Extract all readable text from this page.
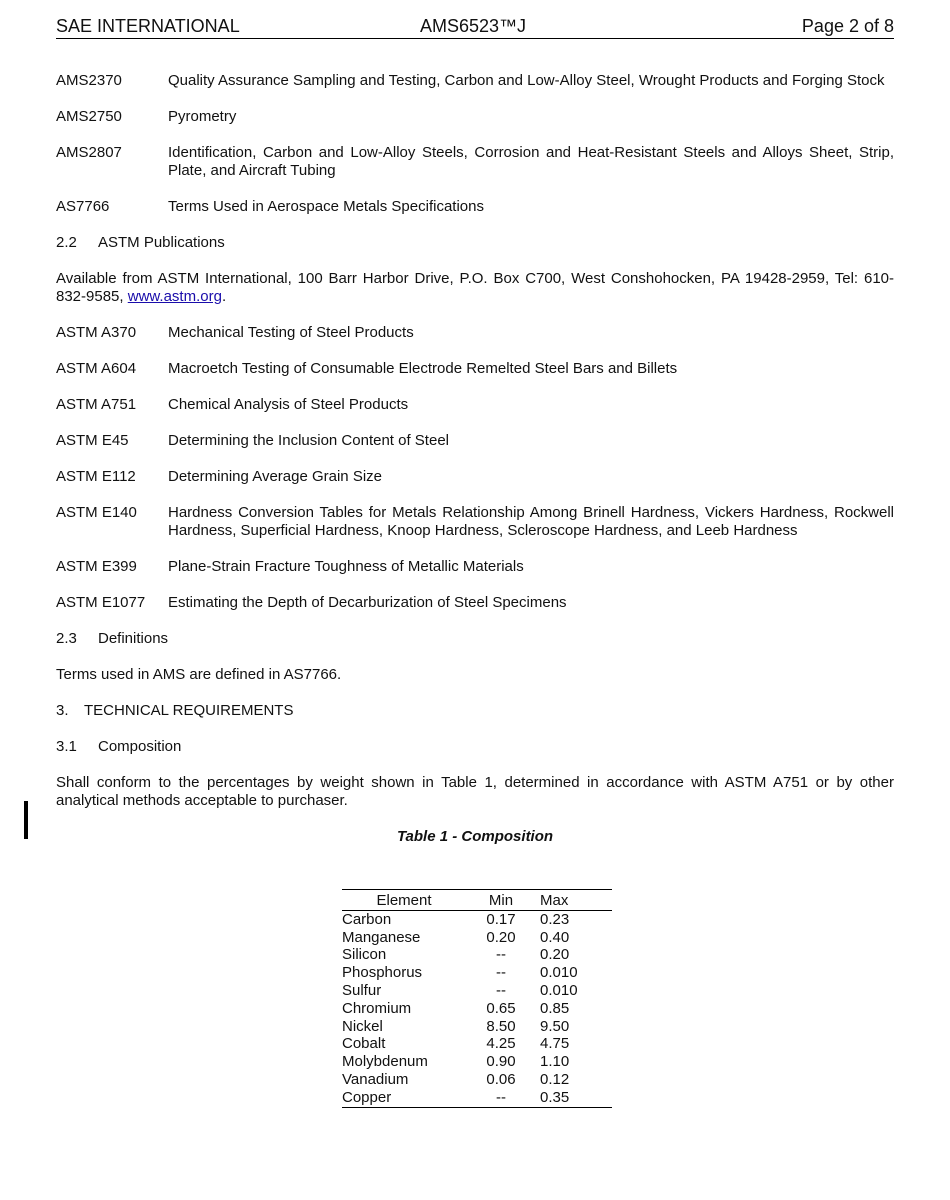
SAE INTERNATIONAL	AMS6523™J	Page 2 of 8
AMS2370	Quality Assurance Sampling and Testing, Carbon and Low-Alloy Steel, Wrought Products and Forging Stock
AMS2750	Pyrometry
AMS2807	Identification, Carbon and Low-Alloy Steels, Corrosion and Heat-Resistant Steels and Alloys Sheet, Strip, Plate, and Aircraft Tubing
AS7766	Terms Used in Aerospace Metals Specifications

2.2 ASTM Publications

Available from ASTM International, 100 Barr Harbor Drive, P.O. Box C700, West Conshohocken, PA 19428-2959, Tel: 610-832-9585, www.astm.org.

ASTM A370	Mechanical Testing of Steel Products
ASTM A604	Macroetch Testing of Consumable Electrode Remelted Steel Bars and Billets
ASTM A751	Chemical Analysis of Steel Products
ASTM E45	Determining the Inclusion Content of Steel
ASTM E112	Determining Average Grain Size
ASTM E140	Hardness Conversion Tables for Metals Relationship Among Brinell Hardness, Vickers Hardness, Rockwell Hardness, Superficial Hardness, Knoop Hardness, Scleroscope Hardness, and Leeb Hardness
ASTM E399	Plane-Strain Fracture Toughness of Metallic Materials
ASTM E1077	Estimating the Depth of Decarburization of Steel Specimens

2.3 Definitions

Terms used in AMS are defined in AS7766.

3. TECHNICAL REQUIREMENTS

3.1 Composition

Shall conform to the percentages by weight shown in Table 1, determined in accordance with ASTM A751 or by other analytical methods acceptable to purchaser.

Table 1 - Composition
Element	Min	Max
Carbon	0.17	0.23
Manganese	0.20	0.40
Silicon	--	0.20
Phosphorus	--	0.010
Sulfur	--	0.010
Chromium	0.65	0.85
Nickel	8.50	9.50
Cobalt	4.25	4.75
Molybdenum	0.90	1.10
Vanadium	0.06	0.12
Copper	--	0.35
